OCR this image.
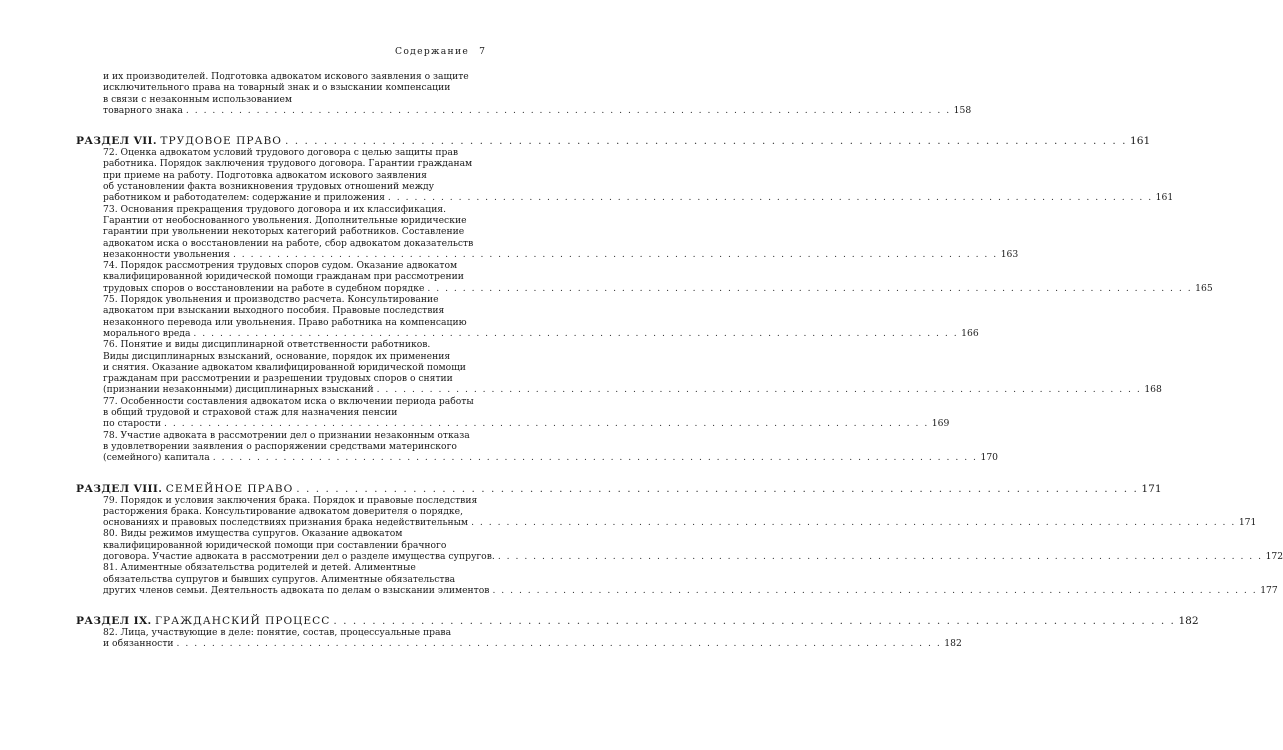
Содержание 7
и их производителей. Подготовка адвокатом искового заявления о защите
исключительного права на товарный знак и о взыскании компенсации
в связи с незаконным использованием
товарного знака . . .	158
РАЗДЕЛ VII. ТРУДОВОЕ ПРАВО . . .	161
72. Оценка адвокатом условий трудового договора с целью защиты прав
работника. Порядок заключения трудового договора. Гарантии гражданам
при приеме на работу. Подготовка адвокатом искового заявления
об установлении факта возникновения трудовых отношений между
работником и работодателем: содержание и приложения . . .	161
73. Основания прекращения трудового договора и их классификация.
Гарантии от необоснованного увольнения. Дополнительные юридические
гарантии при увольнении некоторых категорий работников. Составление
адвокатом иска о восстановлении на работе, сбор адвокатом доказательств
незаконности увольнения . . .	163
74. Порядок рассмотрения трудовых споров судом. Оказание адвокатом
квалифицированной юридической помощи гражданам при рассмотрении
трудовых споров о восстановлении на работе в судебном порядке . . .	165
75. Порядок увольнения и производство расчета. Консультирование
адвокатом при взыскании выходного пособия. Правовые последствия
незаконного перевода или увольнения. Право работника на компенсацию
морального вреда . . .	166
76. Понятие и виды дисциплинарной ответственности работников.
Виды дисциплинарных взысканий, основание, порядок их применения
и снятия. Оказание адвокатом квалифицированной юридической помощи
гражданам при рассмотрении и разрешении трудовых споров о снятии
(признании незаконными) дисциплинарных взысканий . . .	168
77. Особенности составления адвокатом иска о включении периода работы
в общий трудовой и страховой стаж для назначения пенсии
по старости . . .	169
78. Участие адвоката в рассмотрении дел о признании незаконным отказа
в удовлетворении заявления о распоряжении средствами материнского
(семейного) капитала . . .	170
РАЗДЕЛ VIII. СЕМЕЙНОЕ ПРАВО . . .	171
79. Порядок и условия заключения брака. Порядок и правовые последствия
расторжения брака. Консультирование адвокатом доверителя о порядке,
основаниях и правовых последствиях признания брака недействительным . . .	171
80. Виды режимов имущества супругов. Оказание адвокатом
квалифицированной юридической помощи при составлении брачного
договора. Участие адвоката в рассмотрении дел о разделе имущества супругов. . . .	172
81. Алиментные обязательства родителей и детей. Алиментные
обязательства супругов и бывших супругов. Алиментные обязательства
других членов семьи. Деятельность адвоката по делам о взыскании элиментов . . .	177
РАЗДЕЛ IX. ГРАЖДАНСКИЙ ПРОЦЕСС . . .	182
82. Лица, участвующие в деле: понятие, состав, процессуальные права
и обязанности . . .	182
